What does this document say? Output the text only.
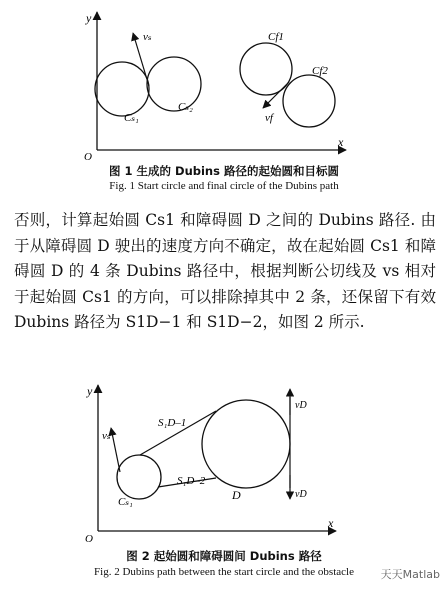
y
x
O
vₛ
Cₛ₁
Cₛ₂
Cf1
Cf2
vf
图 1 生成的 Dubins 路径的起始圆和目标圆
Fig. 1 Start circle and final circle of the Dubins path

否则，计算起始圆 Cs1 和障碍圆 D 之间的 Dubins 路径. 由于从障碍圆 D 驶出的速度方向不确定，故在起始圆 Cs1 和障碍圆 D 的 4 条 Dubins 路径中，根据判断公切线及 vs 相对于起始圆 Cs1 的方向，可以排除掉其中 2 条，还保留下有效 Dubins 路径为 S1D−1 和 S1D−2，如图 2 所示.

y
x
O
vₛ
Cₛ₁	D
S₁D–1
S₁D–2
vD
vD
图 2 起始圆和障碍圆间 Dubins 路径
Fig. 2 Dubins path between the start circle and the obstacle	天天Matlab
